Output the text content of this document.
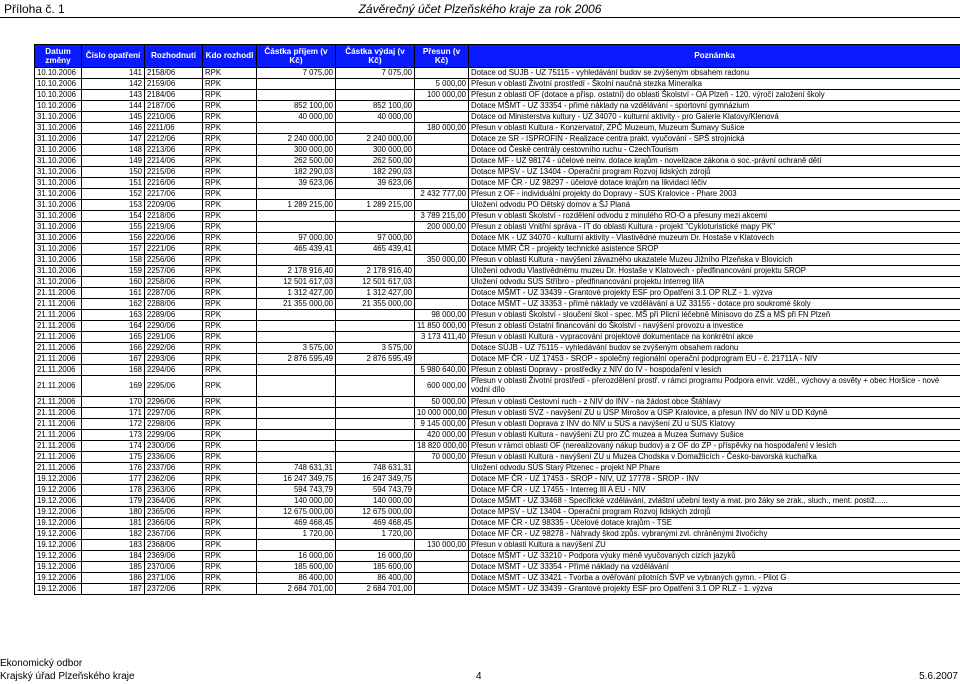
Příloha č. 1	Závěrečný účet Plzeňského kraje za rok 2006
Datum změny	Číslo opatření	Rozhodnutí	Kdo rozhodl	Částka příjem (v Kč)	Částka výdaj (v Kč)	Přesun (v Kč)	Poznámka
10.10.2006	141	2158/06	RPK	7 075,00	7 075,00		Dotace od SÚJB - UZ 75115 - vyhledávání budov se zvýšeným obsahem radonu
10.10.2006	142	2159/06	RPK			5 000,00	Přesun v oblasti Životní prostředí - Školní naučná stezka Mineralka
10.10.2006	143	2184/06	RPK			100 000,00	Přesun z oblasti OF (dotace a přísp. ostatní) do oblasti Školství - OA Plzeň - 120. výročí založení školy
10.10.2006	144	2187/06	RPK	852 100,00	852 100,00		Dotace MŠMT - UZ 33354 - přímé náklady na vzdělávání - sportovní gymnázium
31.10.2006	145	2210/06	RPK	40 000,00	40 000,00		Dotace od Ministerstva kultury - UZ 34070 - kulturní aktivity - pro Galerie Klatovy/Klenová
31.10.2006	146	2211/06	RPK			180 000,00	Přesun v oblasti Kultura - Konzervatoř, ZPČ Muzeum, Muzeum Šumavy Sušice
31.10.2006	147	2212/06	RPK	2 240 000,00	2 240 000,00		Dotace ze SR - ISPROFIN - Realizace centra prakt. vyučování - SPŠ strojnická
31.10.2006	148	2213/06	RPK	300 000,00	300 000,00		Dotace od České centrály cestovního ruchu - CzechTourism
31.10.2006	149	2214/06	RPK	262 500,00	262 500,00		Dotace MF - UZ 98174 - účelové neinv. dotace krajům - novelizace zákona o soc.-právní ochraně dětí
31.10.2006	150	2215/06	RPK	182 290,03	182 290,03		Dotace MPSV - UZ 13404 - Operační program Rozvoj lidských zdrojů
31.10.2006	151	2216/06	RPK	39 623,06	39 623,06		Dotace MF ČR - UZ 98297 - účelové dotace krajům na likvidaci léčiv
31.10.2006	152	2217/06	RPK			2 432 777,00	Přesun z OF - individuální projekty do Dopravy - SÚS Kralovice - Phare 2003
31.10.2006	153	2209/06	RPK	1 289 215,00	1 289 215,00		Uložení odvodu PO Dětský domov a ŠJ Planá
31.10.2006	154	2218/06	RPK			3 789 215,00	Přesun v oblasti Školství - rozdělení odvodu z minulého RO-O a přesuny mezi akcemi
31.10.2006	155	2219/06	RPK			200 000,00	Přesun z oblasti Vnitřní správa - IT do oblasti Kultura - projekt "Cykloturistické mapy PK"
31.10.2006	156	2220/06	RPK	97 000,00	97 000,00		Dotace MK - UZ 34070 - kulturní aktivity - Vlastivědné muzeum Dr. Hostaše v Klatovech
31.10.2006	157	2221/06	RPK	465 439,41	465 439,41		Dotace MMR ČR - projekty technické asistence SROP
31.10.2006	158	2256/06	RPK			350 000,00	Přesun v oblasti Kultura - navýšení závazného ukazatele Muzeu Jižního Plzeňska v Blovicích
31.10.2006	159	2257/06	RPK	2 178 916,40	2 178 916,40		Uložení odvodu Vlastivědnému muzeu Dr. Hostaše v Klatovech - předfinancování projektu SROP
31.10.2006	160	2258/06	RPK	12 501 617,03	12 501 617,03		Uložení odvodu SÚS Stříbro - předfinancování projektu Interreg IIIA
21.11.2006	161	2287/06	RPK	1 312 427,00	1 312 427,00		Dotace MŠMT - UZ 33439 - Grantové projekty ESF pro Opatření 3.1 OP RLZ - 1. výzva
21.11.2006	162	2288/06	RPK	21 355 000,00	21 355 000,00		Dotace MŠMT - UZ 33353 - přímé náklady ve vzdělávání a UZ 33155 - dotace pro soukromé školy
21.11.2006	163	2289/06	RPK			98 000,00	Přesun v oblasti Školství - sloučení škol - spec. MŠ při Plicní léčebně Minisovo do ZŠ a MŠ při FN Plzeň
21.11.2006	164	2290/06	RPK			11 850 000,00	Přesun z oblasti Ostatní financování do Školství - navýšení provozu a investice
21.11.2006	165	2291/06	RPK			3 173 411,40	Přesun v oblasti Kultura - vypracování projektové dokumentace na konkrétní akce
21.11.2006	166	2292/06	RPK	3 575,00	3 575,00		Dotace SÚJB - UZ 75115 - vyhledávání budov se zvýšeným obsahem radonu
21.11.2006	167	2293/06	RPK	2 876 595,49	2 876 595,49		Dotace MF ČR - UZ 17453 - SROP - společný regionální operační podprogram EU - č. 21711A - NIV
21.11.2006	168	2294/06	RPK			5 980 640,00	Přesun z oblasti Dopravy - prostředky z NIV do IV - hospodaření v lesích
21.11.2006	169	2295/06	RPK			600 000,00	Přesun v oblasti Životní prostředí - přerozdělení prostř. v rámci programu Podpora envir. vzděl., výchovy a osvěty + obec Horšice - nové vodní dílo
21.11.2006	170	2296/06	RPK			50 000,00	Přesun v oblasti Cestovní ruch - z NIV do INV - na žádost obce Štáhlavy
21.11.2006	171	2297/06	RPK			10 000 000,00	Přesun v oblasti SVZ - navýšení ZU u ÚSP Mirošov a ÚSP Kralovice, a přesun INV do NIV u DD Kdyně
21.11.2006	172	2298/06	RPK			9 145 000,00	Přesun v oblasti Doprava z INV do NIV u SÚS a navýšení ZU u SÚS Klatovy
21.11.2006	173	2299/06	RPK			420 000,00	Přesun v oblasti Kultura - navýšení ZU pro ZČ muzea a Muzea Šumavy Sušice
21.11.2006	174	2300/06	RPK			18 820 000,00	Přesun v rámci oblasti OF (nerealizovaný nákup budov) a z OF do ZP - příspěvky na hospodaření v lesích
21.11.2006	175	2336/06	RPK			70 000,00	Přesun v oblasti Kultura - navýšení ZU u Muzea Chodska v Domažlicích - Česko-bavorská kuchařka
21.11.2006	176	2337/06	RPK	748 631,31	748 631,31		Uložení odvodu SÚS Starý Plzenec - projekt NP Phare
19.12.2006	177	2362/06	RPK	16 247 349,75	16 247 349,75		Dotace MF ČR - UZ 17453 - SROP - NIV, UZ 17778 - SROP - INV
19.12.2006	178	2363/06	RPK	594 743,79	594 743,79		Dotace MF ČR - UZ 17455 - Interreg III A EU - NIV
19.12.2006	179	2364/06	RPK	140 000,00	140 000,00		Dotace MŠMT - UZ 33468 - Specifické vzdělávání, zvláštní učební texty a mat. pro žáky se zrak., sluch., ment. postiž......
19.12.2006	180	2365/06	RPK	12 675 000,00	12 675 000,00		Dotace MPSV - UZ 13404 - Operační program Rozvoj lidských zdrojů
19.12.2006	181	2366/06	RPK	469 468,45	469 468,45		Dotace MF ČR - UZ 98335 - Účelové dotace krajům - TSE
19.12.2006	182	2367/06	RPK	1 720,00	1 720,00		Dotace MF ČR - UZ 98278 - Náhrady škod způs. vybranými zvl. chráněnými živočichy
19.12.2006	183	2368/06	RPK			130 000,00	Přesun v oblasti Kultura a navýšení ZU
19.12.2006	184	2369/06	RPK	16 000,00	16 000,00		Dotace MŠMT - UZ 33210 - Podpora výuky méně vyučovaných cizích jazyků
19.12.2006	185	2370/06	RPK	185 600,00	185 600,00		Dotace MŠMT - UZ 33354 - Přímé náklady na vzdělávání
19.12.2006	186	2371/06	RPK	86 400,00	86 400,00		Dotace MŠMT - UZ 33421 - Tvorba a ověřování pilotních ŠVP ve vybraných gymn. - Pilot G
19.12.2006	187	2372/06	RPK	2 684 701,00	2 684 701,00		Dotace MŠMT - UZ 33439 - Grantové projekty ESF pro Opatření 3.1 OP RLZ - 1. výzva
Ekonomický odbor
Krajský úřad Plzeňského kraje	4	5.6.2007
